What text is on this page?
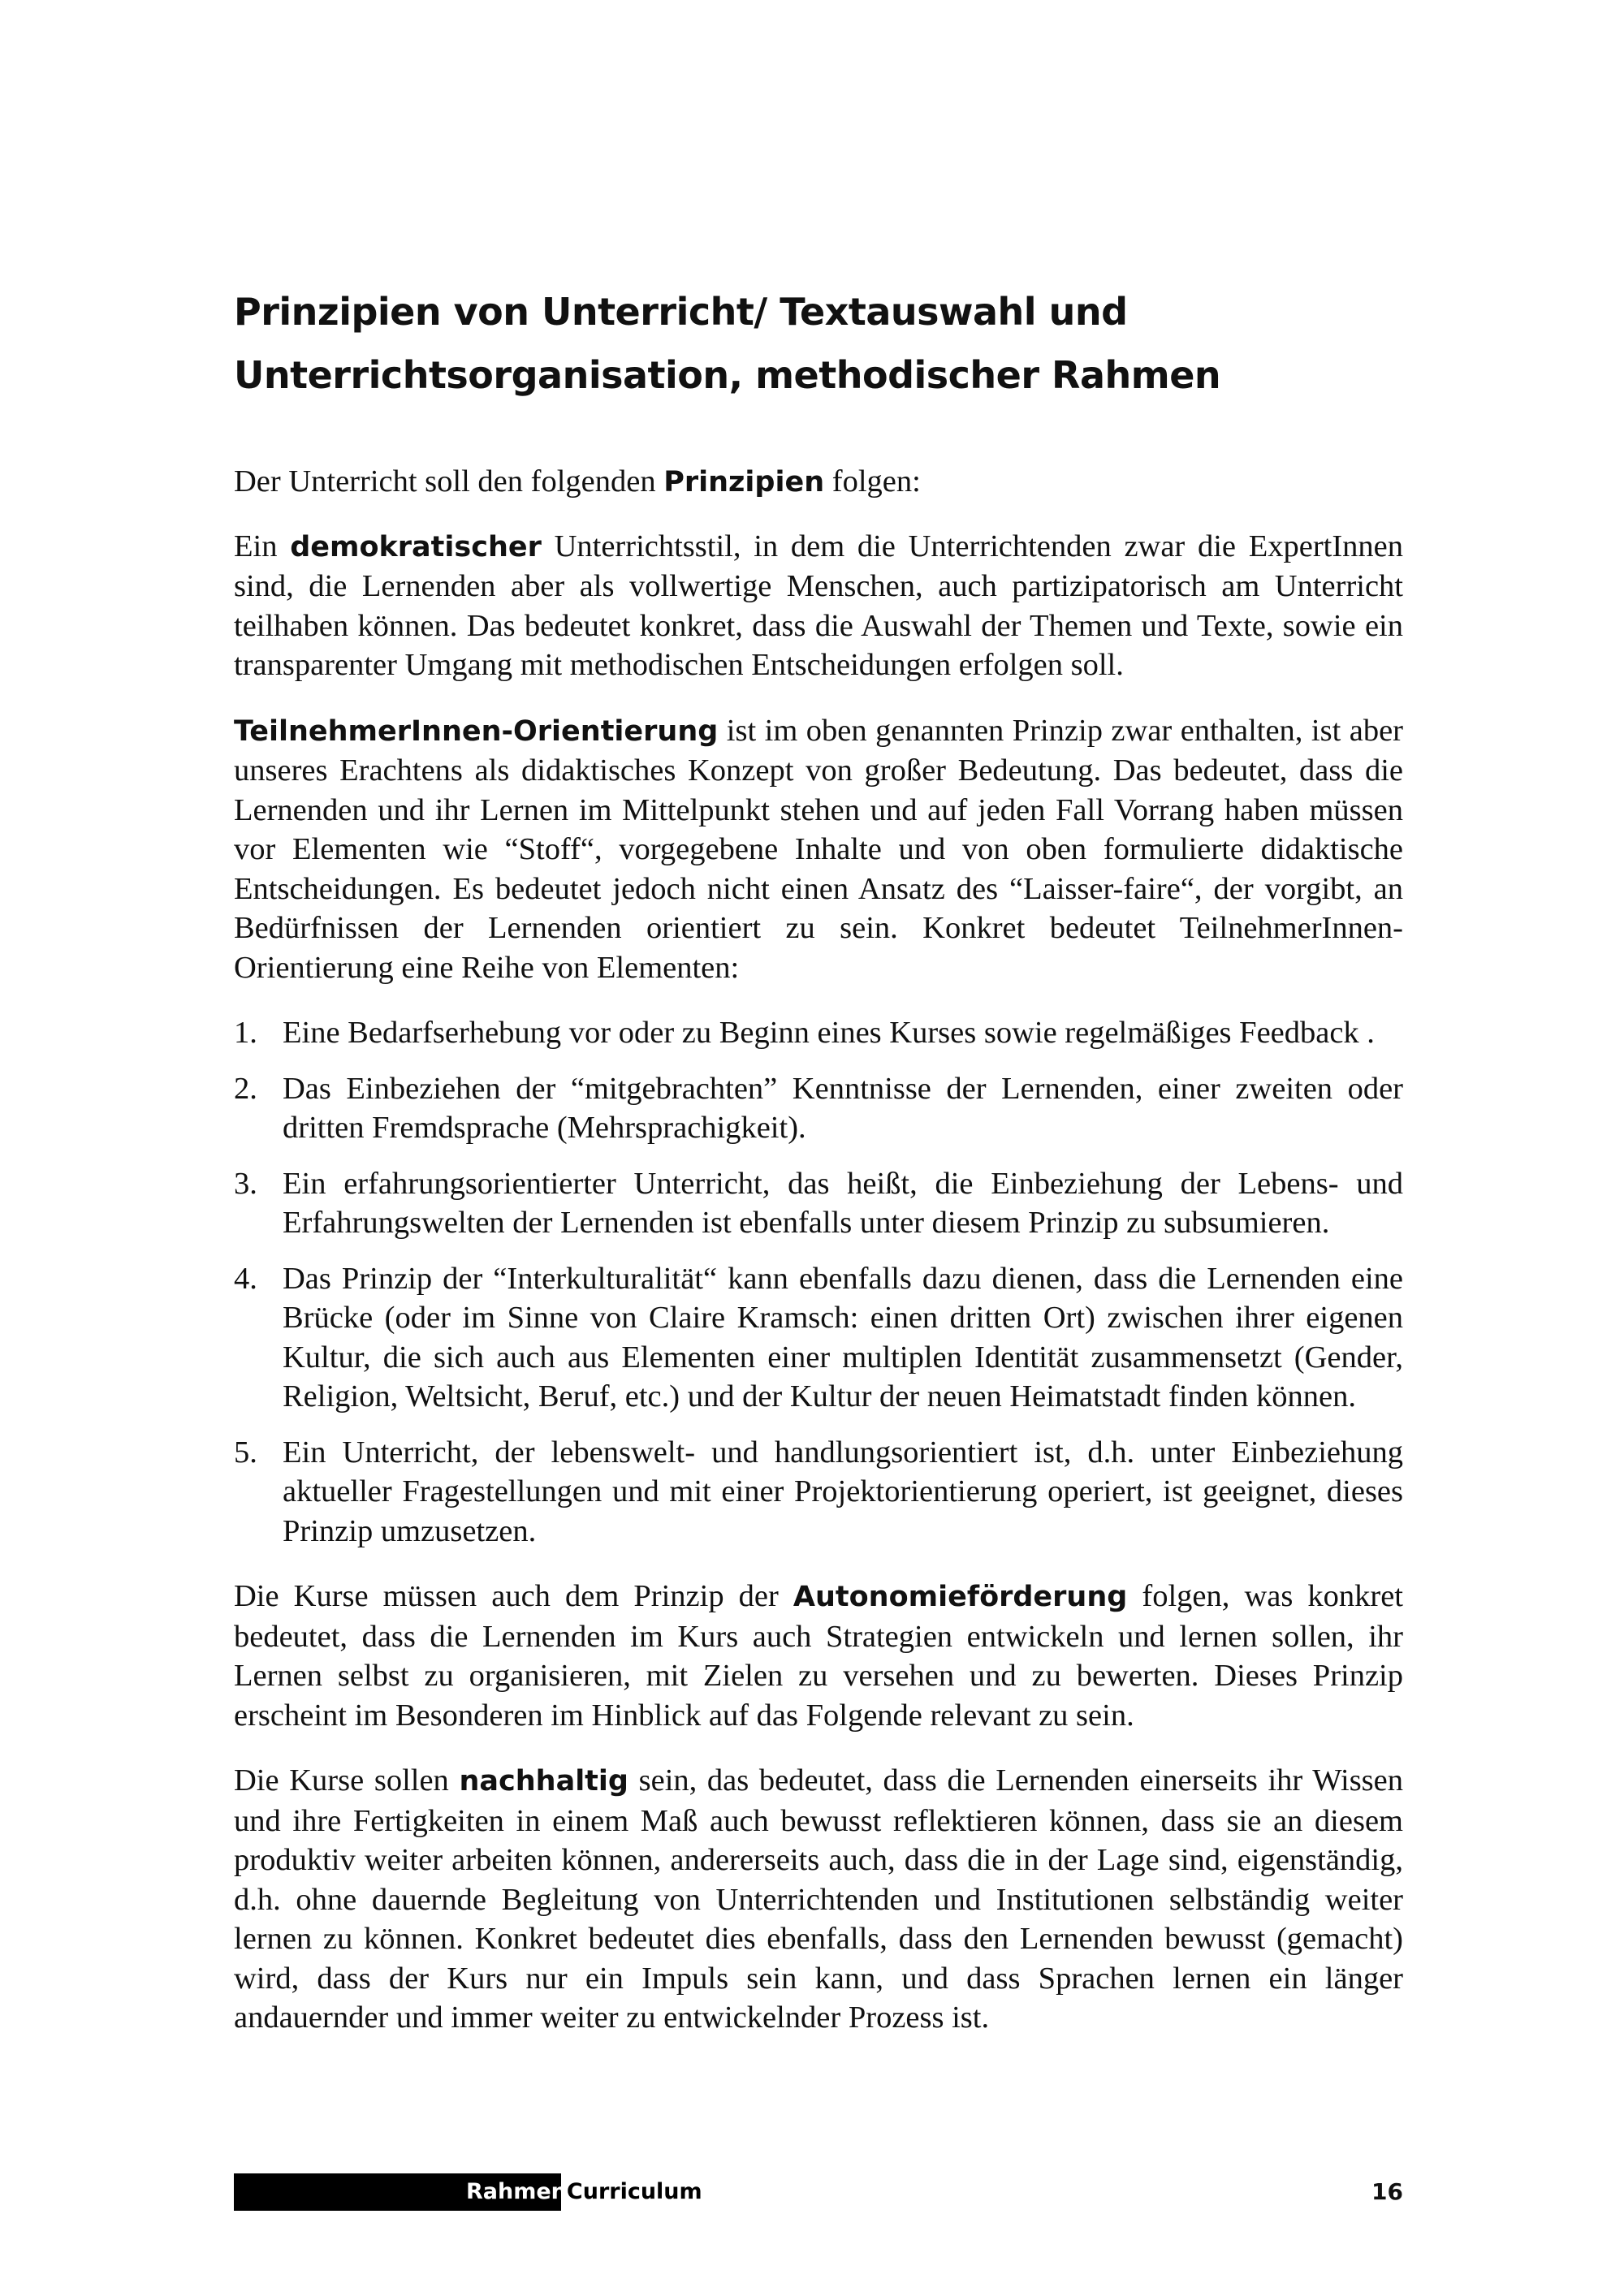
Prinzipien von Unterricht/ Textauswahl und
Unterrichtsorganisation, methodischer Rahmen

Der Unterricht soll den folgenden Prinzipien folgen:

Ein demokratischer Unterrichtsstil, in dem die Unterrichtenden zwar die ExpertInnen sind, die Lernenden aber als vollwertige Menschen, auch partizipatorisch am Unterricht teilhaben können. Das bedeutet konkret, dass die Auswahl der Themen und Texte, sowie ein transparenter Umgang mit methodischen Entscheidungen erfolgen soll.

TeilnehmerInnen-Orientierung ist im oben genannten Prinzip zwar enthalten, ist aber unseres Erachtens als didaktisches Konzept von großer Bedeutung. Das bedeutet, dass die Lernenden und ihr Lernen im Mittelpunkt stehen und auf jeden Fall Vorrang haben müssen vor Elementen wie “Stoff“, vorgegebene Inhalte und von oben formulierte didaktische Entscheidungen. Es bedeutet jedoch nicht einen Ansatz des “Laisser-faire“, der vorgibt, an Bedürfnissen der Lernenden orientiert zu sein. Konkret bedeutet TeilnehmerInnen-Orientierung eine Reihe von Elementen:

1. Eine Bedarfserhebung vor oder zu Beginn eines Kurses sowie regelmäßiges Feedback .
2. Das Einbeziehen der “mitgebrachten” Kenntnisse der Lernenden, einer zweiten oder dritten Fremdsprache (Mehrsprachigkeit).
3. Ein erfahrungsorientierter Unterricht, das heißt, die Einbeziehung der Lebens- und Erfahrungswelten der Lernenden ist ebenfalls unter diesem Prinzip zu subsumieren.
4. Das Prinzip der “Interkulturalität“ kann ebenfalls dazu dienen, dass die Lernenden eine Brücke (oder im Sinne von Claire Kramsch: einen dritten Ort) zwischen ihrer eigenen Kultur, die sich auch aus Elementen einer multiplen Identität zusammensetzt (Gender, Religion, Weltsicht, Beruf, etc.) und der Kultur der neuen Heimatstadt finden können.
5. Ein Unterricht, der lebenswelt- und handlungsorientiert ist, d.h. unter Einbeziehung aktueller Fragestellungen und mit einer Projektorientierung operiert, ist geeignet, dieses Prinzip umzusetzen.

Die Kurse müssen auch dem Prinzip der Autonomieförderung folgen, was konkret bedeutet, dass die Lernenden im Kurs auch Strategien entwickeln und lernen sollen, ihr Lernen selbst zu organisieren, mit Zielen zu versehen und zu bewerten. Dieses Prinzip erscheint im Besonderen im Hinblick auf das Folgende relevant zu sein.

Die Kurse sollen nachhaltig sein, das bedeutet, dass die Lernenden einerseits ihr Wissen und ihre Fertigkeiten in einem Maß auch bewusst reflektieren können, dass sie an diesem produktiv weiter arbeiten können, andererseits auch, dass die in der Lage sind, eigenständig, d.h. ohne dauernde Begleitung von Unterrichtenden und Institutionen selbständig weiter lernen zu können. Konkret bedeutet dies ebenfalls, dass den Lernenden bewusst (gemacht) wird, dass der Kurs nur ein Impuls sein kann, und dass Sprachen lernen ein länger andauernder und immer weiter zu entwickelnder Prozess ist.

RahmenCurriculum	16
